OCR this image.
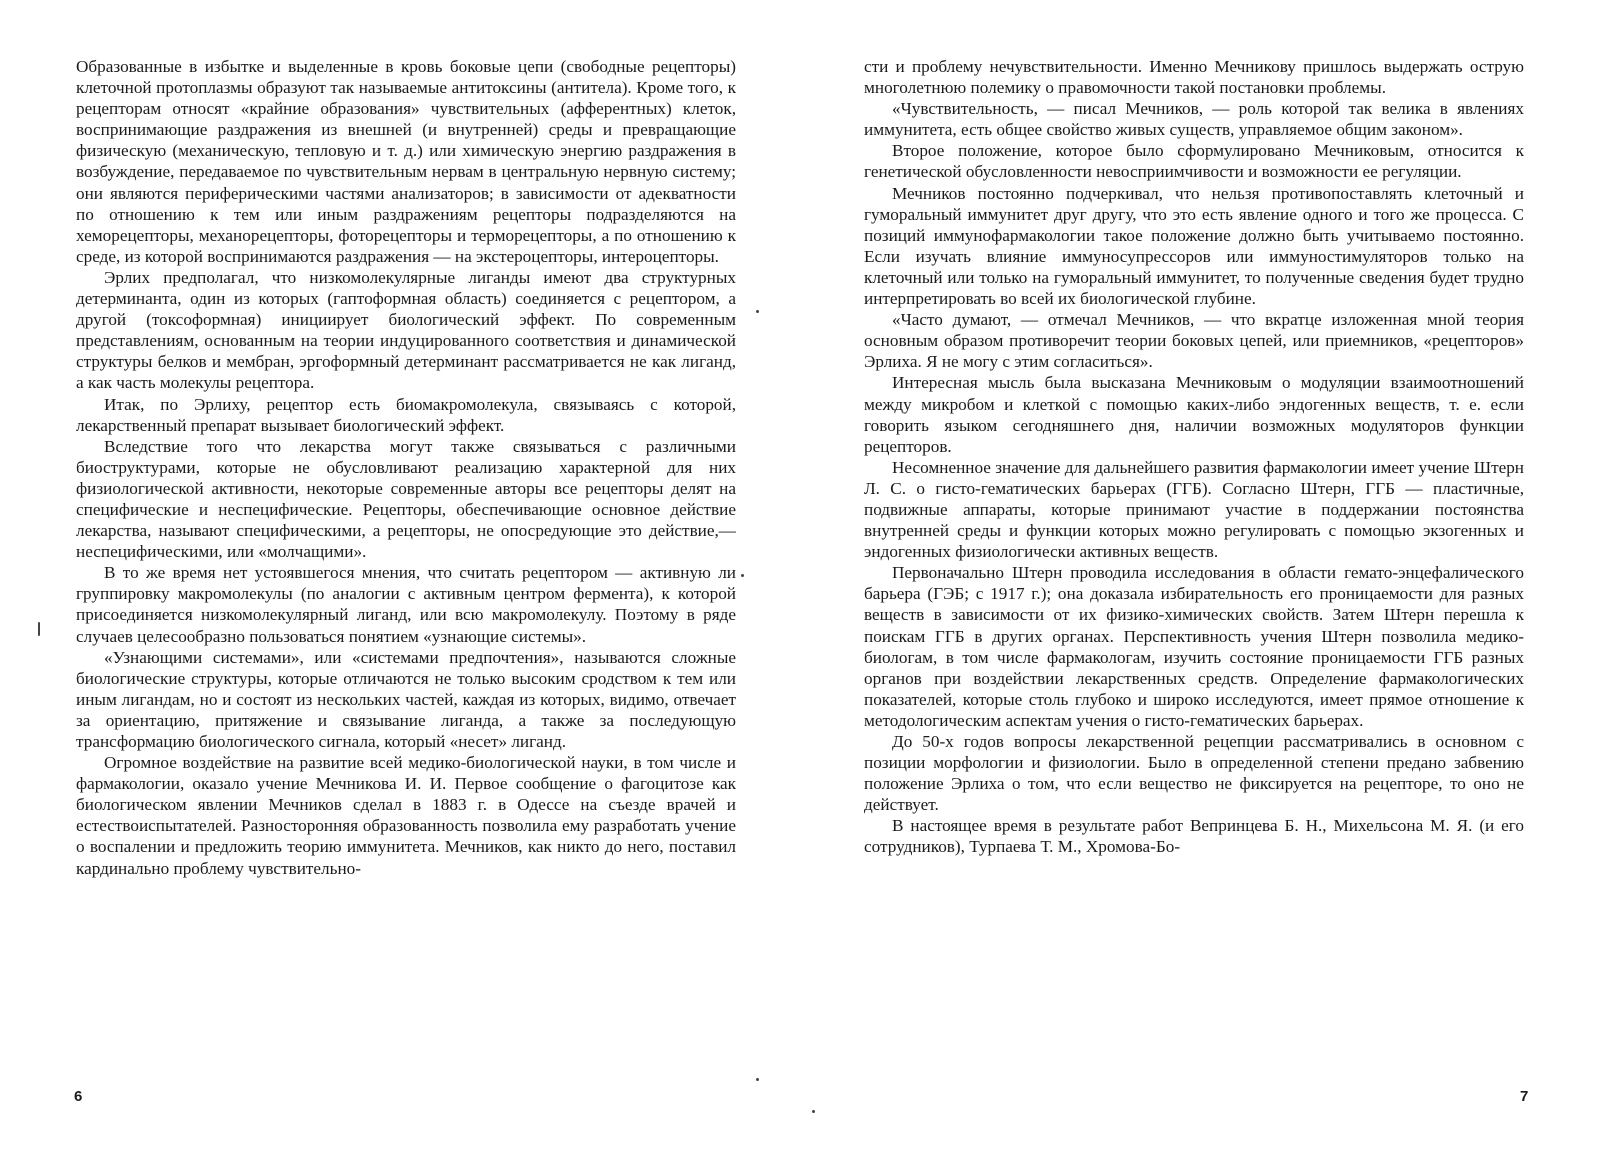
Образованные в избытке и выделенные в кровь боковые цепи (свободные рецепторы) клеточной протоплазмы образуют так называемые антитоксины (антитела). Кроме того, к рецепторам относят «крайние образования» чувствительных (афферентных) клеток, воспринимающие раздражения из внешней (и внутренней) среды и превращающие физическую (механическую, тепловую и т. д.) или химическую энергию раздражения в возбуждение, передаваемое по чувствительным нервам в центральную нервную систему; они являются периферическими частями анализаторов; в зависимости от адекватности по отношению к тем или иным раздражениям рецепторы подразделяются на хеморецепторы, механорецепторы, фоторецепторы и терморецепторы, а по отношению к среде, из которой воспринимаются раздражения — на экстероцепторы, интероцепторы.

Эрлих предполагал, что низкомолекулярные лиганды имеют два структурных детерминанта, один из которых (гаптоформная область) соединяется с рецептором, а другой (токсоформная) инициирует биологический эффект. По современным представлениям, основанным на теории индуцированного соответствия и динамической структуры белков и мембран, эргоформный детерминант рассматривается не как лиганд, а как часть молекулы рецептора.

Итак, по Эрлиху, рецептор есть биомакромолекула, связываясь с которой, лекарственный препарат вызывает биологический эффект.

Вследствие того что лекарства могут также связываться с различными биоструктурами, которые не обусловливают реализацию характерной для них физиологической активности, некоторые современные авторы все рецепторы делят на специфические и неспецифические. Рецепторы, обеспечивающие основное действие лекарства, называют специфическими, а рецепторы, не опосредующие это действие,— неспецифическими, или «молчащими».

В то же время нет устоявшегося мнения, что считать рецептором — активную ли группировку макромолекулы (по аналогии с активным центром фермента), к которой присоединяется низкомолекулярный лиганд, или всю макромолекулу. Поэтому в ряде случаев целесообразно пользоваться понятием «узнающие системы».

«Узнающими системами», или «системами предпочтения», называются сложные биологические структуры, которые отличаются не только высоким сродством к тем или иным лигандам, но и состоят из нескольких частей, каждая из которых, видимо, отвечает за ориентацию, притяжение и связывание лиганда, а также за последующую трансформацию биологического сигнала, который «несет» лиганд.

Огромное воздействие на развитие всей медико-биологической науки, в том числе и фармакологии, оказало учение Мечникова И. И. Первое сообщение о фагоцитозе как биологическом явлении Мечников сделал в 1883 г. в Одессе на съезде врачей и естествоиспытателей. Разносторонняя образованность позволила ему разработать учение о воспалении и предложить теорию иммунитета. Мечников, как никто до него, поставил кардинально проблему чувствительно-

6

сти и проблему нечувствительности. Именно Мечникову пришлось выдержать острую многолетнюю полемику о правомочности такой постановки проблемы.

«Чувствительность, — писал Мечников, — роль которой так велика в явлениях иммунитета, есть общее свойство живых существ, управляемое общим законом».

Второе положение, которое было сформулировано Мечниковым, относится к генетической обусловленности невосприимчивости и возможности ее регуляции.

Мечников постоянно подчеркивал, что нельзя противопоставлять клеточный и гуморальный иммунитет друг другу, что это есть явление одного и того же процесса. С позиций иммунофармакологии такое положение должно быть учитываемо постоянно. Если изучать влияние иммуносупрессоров или иммуностимуляторов только на клеточный или только на гуморальный иммунитет, то полученные сведения будет трудно интерпретировать во всей их биологической глубине.

«Часто думают, — отмечал Мечников, — что вкратце изложенная мной теория основным образом противоречит теории боковых цепей, или приемников, «рецепторов» Эрлиха. Я не могу с этим согласиться».

Интересная мысль была высказана Мечниковым о модуляции взаимоотношений между микробом и клеткой с помощью каких-либо эндогенных веществ, т. е. если говорить языком сегодняшнего дня, наличии возможных модуляторов функции рецепторов.

Несомненное значение для дальнейшего развития фармакологии имеет учение Штерн Л. С. о гисто-гематических барьерах (ГГБ). Согласно Штерн, ГГБ — пластичные, подвижные аппараты, которые принимают участие в поддержании постоянства внутренней среды и функции которых можно регулировать с помощью экзогенных и эндогенных физиологически активных веществ.

Первоначально Штерн проводила исследования в области гемато-энцефалического барьера (ГЭБ; с 1917 г.); она доказала избирательность его проницаемости для разных веществ в зависимости от их физико-химических свойств. Затем Штерн перешла к поискам ГГБ в других органах. Перспективность учения Штерн позволила медико-биологам, в том числе фармакологам, изучить состояние проницаемости ГГБ разных органов при воздействии лекарственных средств. Определение фармакологических показателей, которые столь глубоко и широко исследуются, имеет прямое отношение к методологическим аспектам учения о гисто-гематических барьерах.

До 50-х годов вопросы лекарственной рецепции рассматривались в основном с позиции морфологии и физиологии. Было в определенной степени предано забвению положение Эрлиха о том, что если вещество не фиксируется на рецепторе, то оно не действует.

В настоящее время в результате работ Вепринцева Б. Н., Михельсона М. Я. (и его сотрудников), Турпаева Т. М., Хромова-Бо-

7
